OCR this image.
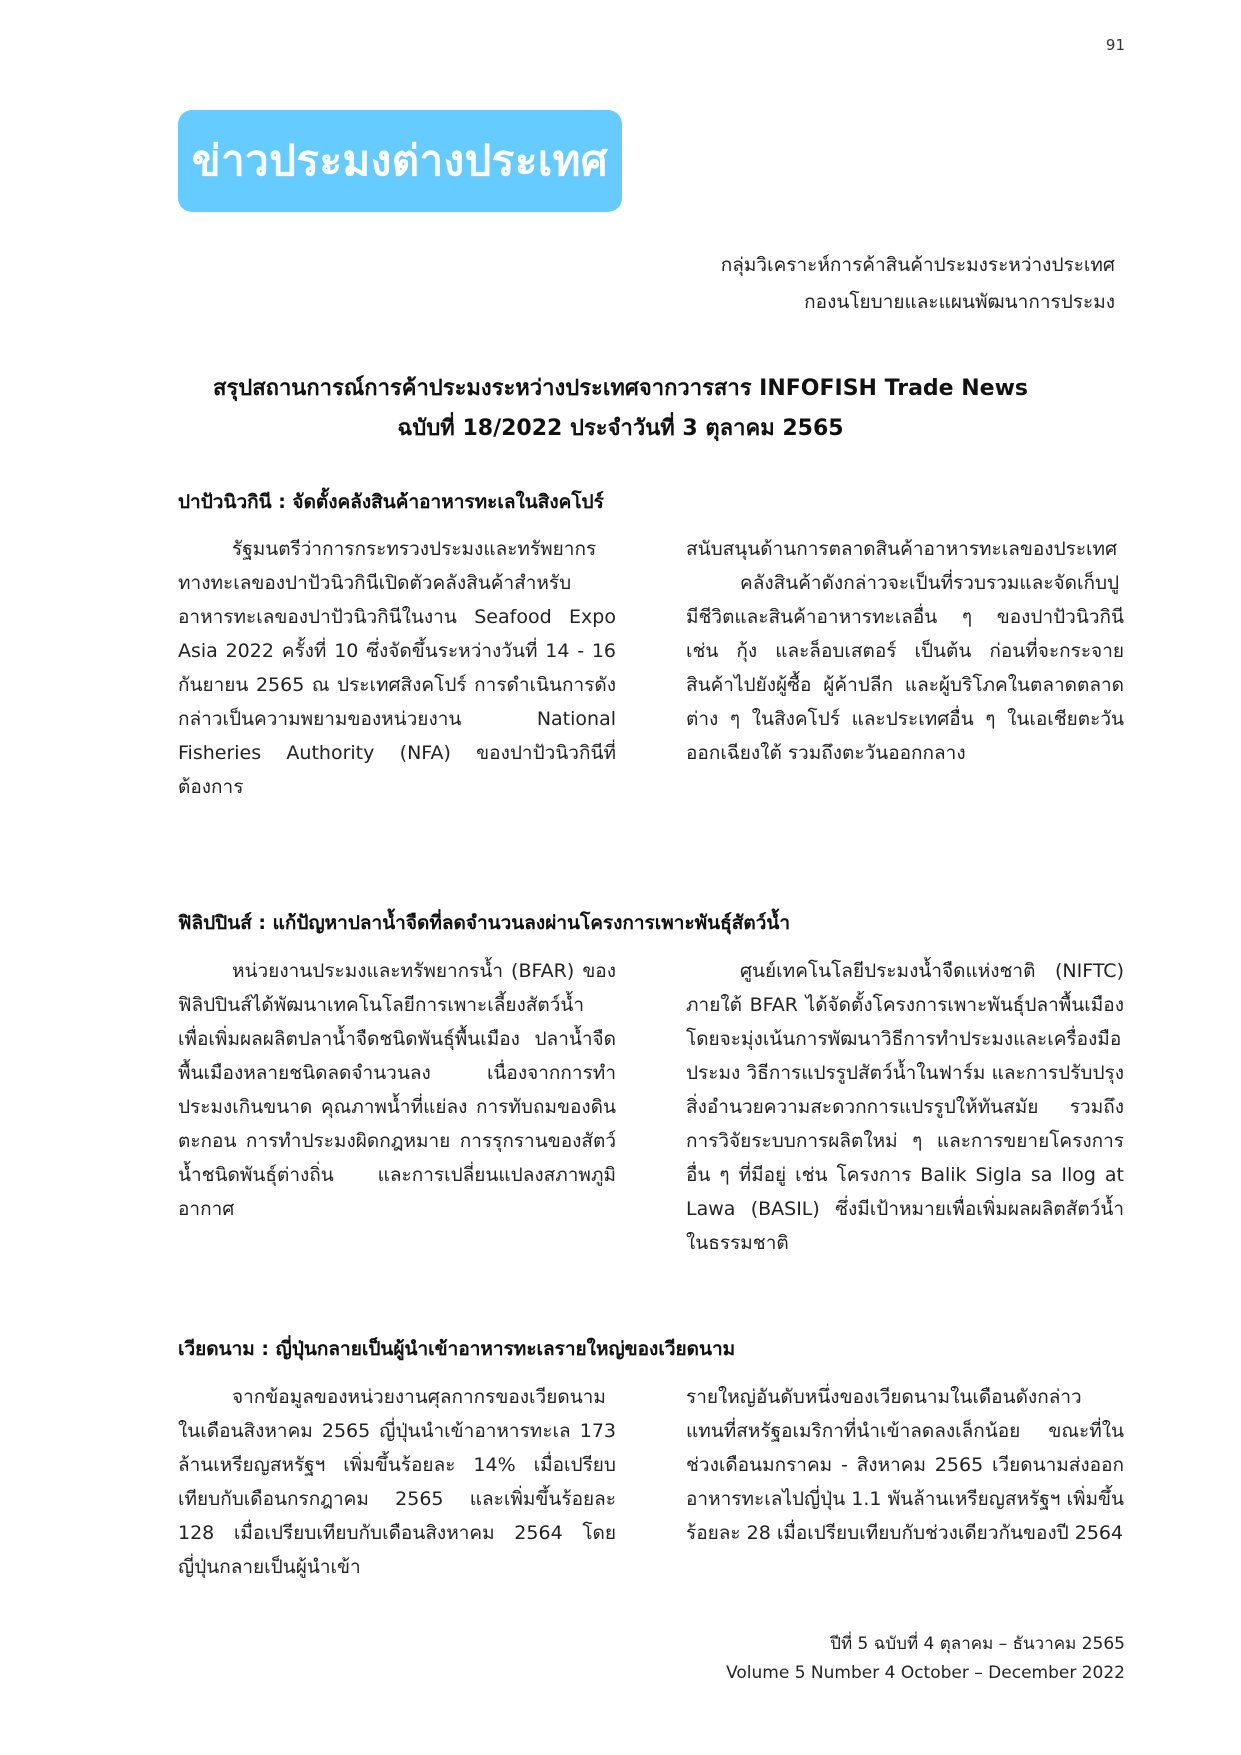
91
ข่าวประมงต่างประเทศ
กลุ่มวิเคราะห์การค้าสินค้าประมงระหว่างประเทศ
กองนโยบายและแผนพัฒนาการประมง
สรุปสถานการณ์การค้าประมงระหว่างประเทศจากวารสาร INFOFISH Trade News
ฉบับที่ 18/2022 ประจำวันที่ 3 ตุลาคม 2565
ปาปัวนิวกินี : จัดตั้งคลังสินค้าอาหารทะเลในสิงคโปร์

รัฐมนตรีว่าการกระทรวงประมงและทรัพยากรทางทะเลของปาปัวนิวกินีเปิดตัวคลังสินค้าสำหรับอาหารทะเลของปาปัวนิวกินีในงาน Seafood Expo Asia 2022 ครั้งที่ 10 ซึ่งจัดขึ้นระหว่างวันที่ 14 - 16 กันยายน 2565 ณ ประเทศสิงคโปร์ การดำเนินการดังกล่าวเป็นความพยามของหน่วยงาน National Fisheries Authority (NFA) ของปาปัวนิวกินีที่ต้องการ

สนับสนุนด้านการตลาดสินค้าอาหารทะเลของประเทศ

คลังสินค้าดังกล่าวจะเป็นที่รวบรวมและจัดเก็บปูมีชีวิตและสินค้าอาหารทะเลอื่น ๆ ของปาปัวนิวกินี เช่น กุ้ง และล็อบเสตอร์ เป็นต้น ก่อนที่จะกระจายสินค้าไปยังผู้ซื้อ ผู้ค้าปลีก และผู้บริโภคในตลาดตลาดต่าง ๆ ในสิงคโปร์ และประเทศอื่น ๆ ในเอเชียตะวันออกเฉียงใต้ รวมถึงตะวันออกกลาง

ฟิลิปปินส์ : แก้ปัญหาปลาน้ำจืดที่ลดจำนวนลงผ่านโครงการเพาะพันธุ์สัตว์น้ำ

หน่วยงานประมงและทรัพยากรน้ำ (BFAR) ของฟิลิปปินส์ได้พัฒนาเทคโนโลยีการเพาะเลี้ยงสัตว์น้ำ เพื่อเพิ่มผลผลิตปลาน้ำจืดชนิดพันธุ์พื้นเมือง ปลาน้ำจืดพื้นเมืองหลายชนิดลดจำนวนลง เนื่องจากการทำประมงเกินขนาด คุณภาพน้ำที่แย่ลง การทับถมของดินตะกอน การทำประมงผิดกฎหมาย การรุกรานของสัตว์น้ำชนิดพันธุ์ต่างถิ่น และการเปลี่ยนแปลงสภาพภูมิอากาศ

ศูนย์เทคโนโลยีประมงน้ำจืดแห่งชาติ (NIFTC) ภายใต้ BFAR ได้จัดตั้งโครงการเพาะพันธุ์ปลาพื้นเมือง โดยจะมุ่งเน้นการพัฒนาวิธีการทำประมงและเครื่องมือประมง วิธีการแปรรูปสัตว์น้ำในฟาร์ม และการปรับปรุงสิ่งอำนวยความสะดวกการแปรรูปให้ทันสมัย รวมถึงการวิจัยระบบการผลิตใหม่ ๆ และการขยายโครงการอื่น ๆ ที่มีอยู่ เช่น โครงการ Balik Sigla sa Ilog at Lawa (BASIL) ซึ่งมีเป้าหมายเพื่อเพิ่มผลผลิตสัตว์น้ำในธรรมชาติ

เวียดนาม : ญี่ปุ่นกลายเป็นผู้นำเข้าอาหารทะเลรายใหญ่ของเวียดนาม

จากข้อมูลของหน่วยงานศุลกากรของเวียดนาม ในเดือนสิงหาคม 2565 ญี่ปุ่นนำเข้าอาหารทะเล 173 ล้านเหรียญสหรัฐฯ เพิ่มขึ้นร้อยละ 14% เมื่อเปรียบเทียบกับเดือนกรกฎาคม 2565 และเพิ่มขึ้นร้อยละ 128 เมื่อเปรียบเทียบกับเดือนสิงหาคม 2564 โดยญี่ปุ่นกลายเป็นผู้นำเข้า

รายใหญ่อันดับหนึ่งของเวียดนามในเดือนดังกล่าว แทนที่สหรัฐอเมริกาที่นำเข้าลดลงเล็กน้อย ขณะที่ในช่วงเดือนมกราคม - สิงหาคม 2565 เวียดนามส่งออกอาหารทะเลไปญี่ปุ่น 1.1 พันล้านเหรียญสหรัฐฯ เพิ่มขึ้นร้อยละ 28 เมื่อเปรียบเทียบกับช่วงเดียวกันของปี 2564

ปีที่ 5 ฉบับที่ 4 ตุลาคม – ธันวาคม 2565
Volume 5 Number 4 October – December 2022
